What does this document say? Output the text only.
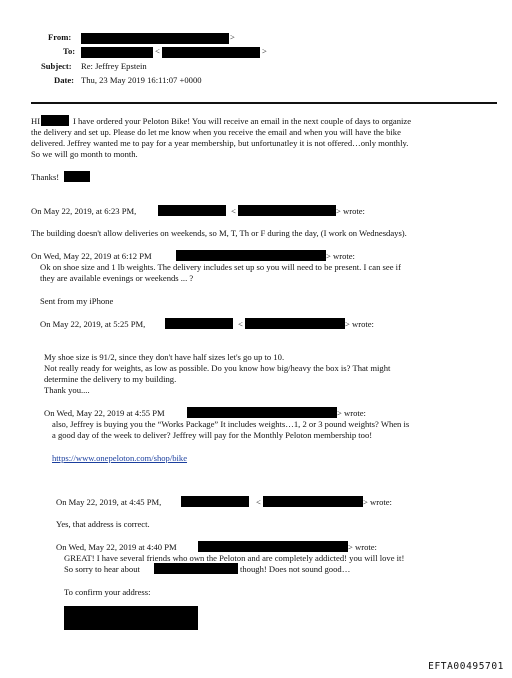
From:	>
To:	<	>
Subject: Re: Jeffrey Epstein
Date: Thu, 23 May 2019 16:11:07 +0000
HI	I have ordered your Peloton Bike! You will receive an email in the next couple of days to organize
the delivery and set up. Please do let me know when you receive the email and when you will have the bike
delivered. Jeffrey wanted me to pay for a year membership, but unfortunatley it is not offered…only monthly.
So we will go month to month.
Thanks!
On May 22, 2019, at 6:23 PM,	<	> wrote:
The building doesn't allow deliveries on weekends, so M, T, Th or F during the day, (I work on Wednesdays).
On Wed, May 22, 2019 at 6:12 PM	> wrote:
Ok on shoe size and 1 lb weights. The delivery includes set up so you will need to be present. I can see if
they are available evenings or weekends ... ?
Sent from my iPhone
On May 22, 2019, at 5:25 PM,	<	> wrote:
My shoe size is 91/2, since they don't have half sizes let's go up to 10.
Not really ready for weights, as low as possible. Do you know how big/heavy the box is? That might
determine the delivery to my building.
Thank you....
On Wed, May 22, 2019 at 4:55 PM	> wrote:
also, Jeffrey is buying you the “Works Package” It includes weights…1, 2 or 3 pound weights? When is
a good day of the week to deliver? Jeffrey will pay for the Monthly Peloton membership too!
https://www.onepeloton.com/shop/bike
On May 22, 2019, at 4:45 PM,	<	> wrote:
Yes, that address is correct.
On Wed, May 22, 2019 at 4:40 PM	> wrote:
GREAT! I have several friends who own the Peloton and are completely addicted! you will love it!
So sorry to hear about	though! Does not sound good…
To confirm your address:
EFTA00495701
